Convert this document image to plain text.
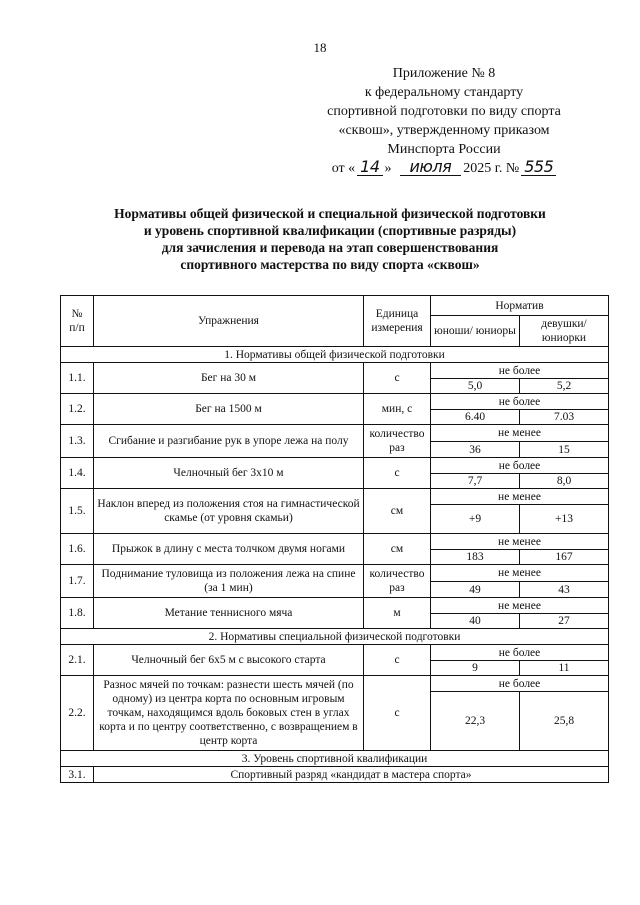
18
Приложение № 8
к федеральному стандарту
спортивной подготовки по виду спорта
«сквош», утвержденному приказом
Минспорта России
от « 14 »	июля 2025 г. № 555
Нормативы общей физической и специальной физической подготовки
и уровень спортивной квалификации (спортивные разряды)
для зачисления и перевода на этап совершенствования
спортивного мастерства по виду спорта «сквош»
№
п/п	Упражнения	Единица измерения	Норматив	
			юноши/ юниоры	девушки/ юниорки
1. Нормативы общей физической подготовки				
1.1.	Бег на 30 м	с	не более	
			5,0	5,2
1.2.	Бег на 1500 м	мин, с	не более	
			6.40	7.03
1.3.	Сгибание и разгибание рук в упоре лежа на полу	количество раз	не менее	
			36	15
1.4.	Челночный бег 3x10 м	с	не более	
			7,7	8,0
1.5.	Наклон вперед из положения стоя на гимнастической скамье (от уровня скамьи)	см	не менее	
			+9	+13
1.6.	Прыжок в длину с места толчком двумя ногами	см	не менее	
			183	167
1.7.	Поднимание туловища из положения лежа на спине (за 1 мин)	количество раз	не менее	
			49	43
1.8.	Метание теннисного мяча	м	не менее	
			40	27
2. Нормативы специальной физической подготовки				
2.1.	Челночный бег 6x5 м с высокого старта	с	не более	
			9	11
2.2.	Разнос мячей по точкам: разнести шесть мячей (по одному) из центра корта по основным игровым точкам, находящимся вдоль боковых стен в углах корта и по центру соответственно, с возвращением в центр корта	с	не более	
			22,3	25,8
3. Уровень спортивной квалификации				
3.1.	Спортивный разряд «кандидат в мастера спорта»			
